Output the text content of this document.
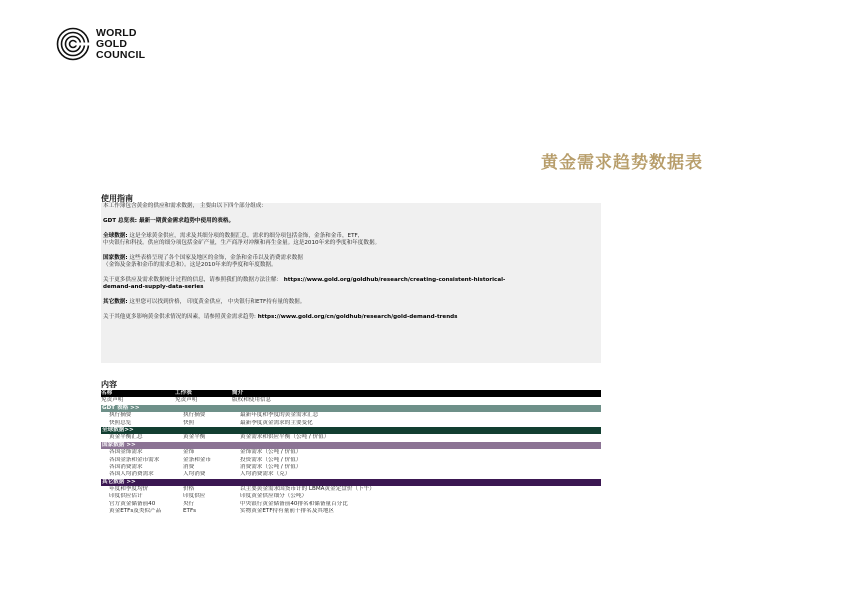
WORLD
GOLD
COUNCIL
黄金需求趋势数据表
使用指南

本工作簿包含黄金的供应和需求数据， 主要由以下四个部分组成：

GDT 总览表: 最新一期黄金需求趋势中使用的表格。

全球数据: 这是全球黄金供应，需求及其细分项的数据汇总。需求的细分项包括金饰，金条和金币，ETF,

中央银行和科技。供应的细分项包括金矿产量，生产商净对冲额和再生金量。这是2010年来的季度和年度数据。

国家数据: 这些表格呈现了各个国家及地区的金饰，金条和金币以及消费需求数据

（金饰及金条和金币的需求总和）。这是2010年来的季度和年度数据。

关于更多供应及需求数据统计过程的信息，请参照我们的数据方法注解： https://www.gold.org/goldhub/research/creating-consistent-historical-

demand-and-supply-data-series

其它数据: 这里您可以找到价格， 印度黄金供应， 中央银行和ETF持有量的数据。

关于其他更多影响黄金供求情况的因素，请参照黄金需求趋势: https://www.gold.org/cn/goldhub/research/gold-demand-trends

内容
名称	工作表	简介
免责声明	免责声明	版权和使用信息
GDT 表格 >>
执行摘要	执行摘要	最新年度和季度的黄金需求汇总
快照总览	快照	最新季度黄金需求的主要变化
全球数据>>
黄金平衡汇总	黄金平衡	黄金需求和供应平衡（公吨 / 价值）
国家数据 >>
各国金饰需求	金饰	金饰需求（公吨 / 价值）
各国金条和金币需求	金条和金币	投资需求（公吨 / 价值）
各国消费需求	消费	消费需求（公吨 / 价值）
各国人均消费需求	人均消费	人均消费需求（克）
其它数据 >>
年度和季度均价	价格	以主要黄金需求国货币计的 LBMA黄金定盘价（下午）
印度供应估计	印度供应	印度黄金供应细分（公吨）
官方黄金储备前40	央行	中央银行黄金储备前40排名和储备量百分比
黄金ETFs及类似产品	ETFs	实物黄金ETF持有量前十排名及其地区
